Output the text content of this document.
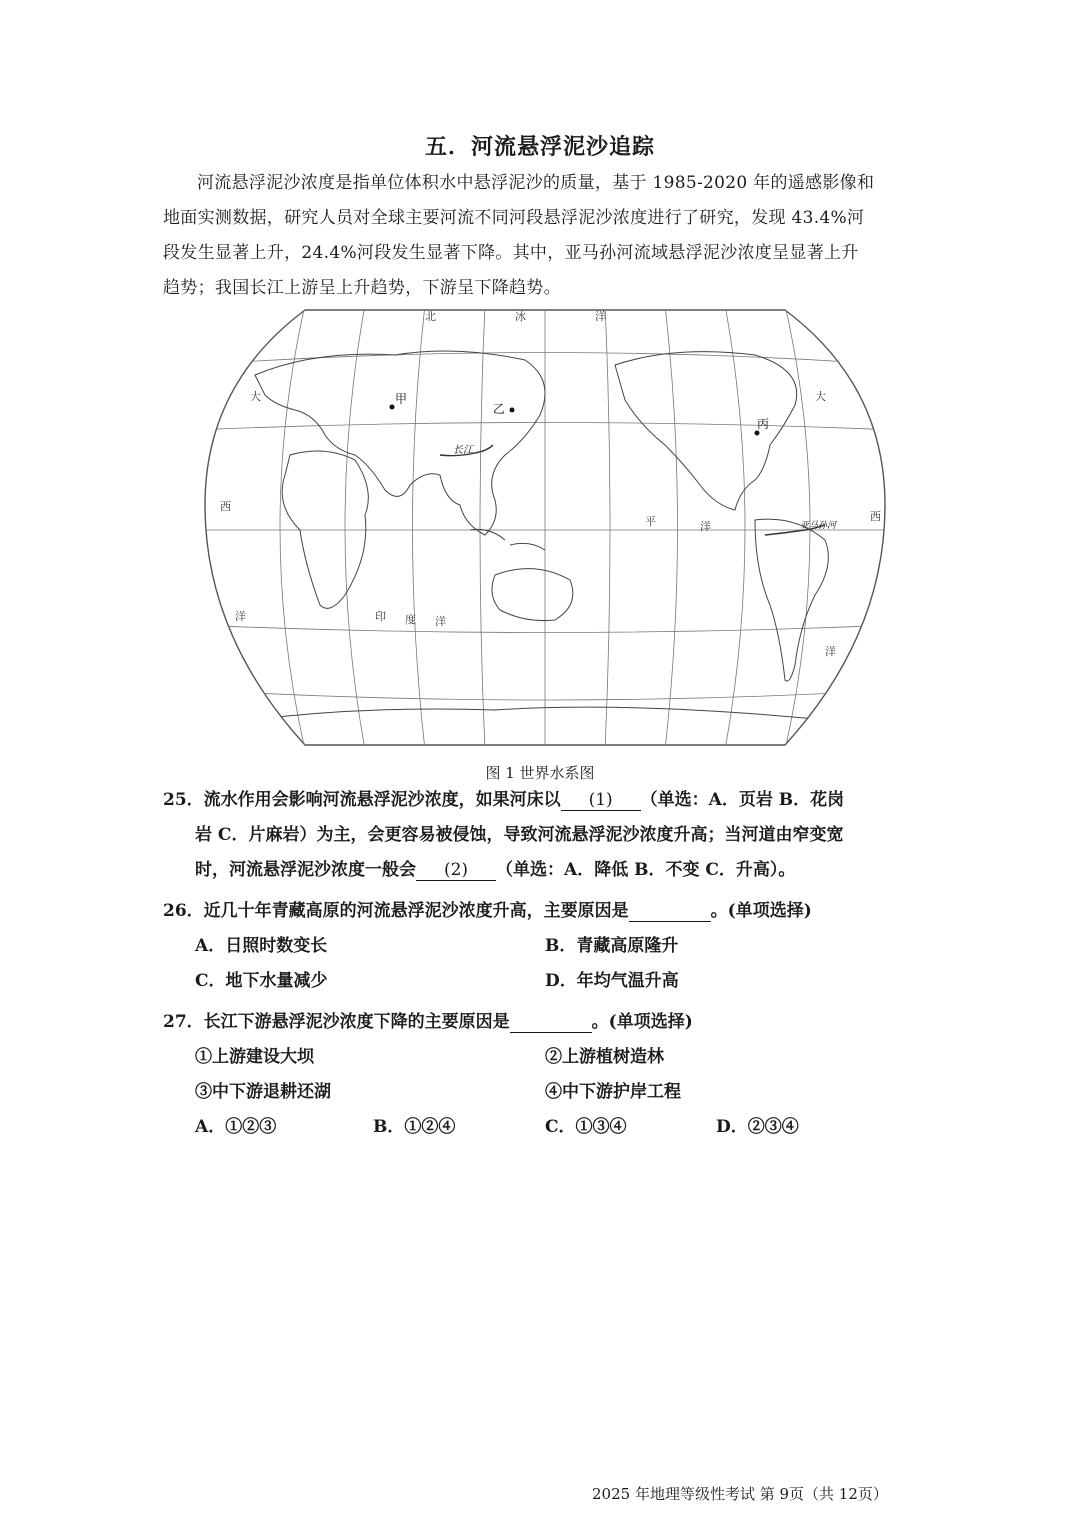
五．河流悬浮泥沙追踪
河流悬浮泥沙浓度是指单位体积水中悬浮泥沙的质量，基于 1985-2020 年的遥感影像和
地面实测数据，研究人员对全球主要河流不同河段悬浮泥沙浓度进行了研究，发现 43.4%河
段发生显著上升，24.4%河段发生显著下降。其中，亚马孙河流域悬浮泥沙浓度呈显著上升
趋势；我国长江上游呈上升趋势，下游呈下降趋势。
北	冰	洋
大
西
洋	印 度 洋
平	洋
大
西
洋
甲
乙
丙
长江
亚马孙河
图 1 世界水系图
25．流水作用会影响河流悬浮泥沙浓度，如果河床以 (1) （单选：A．页岩 B．花岗
岩 C．片麻岩）为主，会更容易被侵蚀，导致河流悬浮泥沙浓度升高；当河道由窄变宽
时，河流悬浮泥沙浓度一般会 (2) （单选：A．降低 B．不变 C．升高）。
26．近几十年青藏高原的河流悬浮泥沙浓度升高，主要原因是	。(单项选择)
A．日照时数变长	B．青藏高原隆升
C．地下水量减少	D．年均气温升高
27．长江下游悬浮泥沙浓度下降的主要原因是	。(单项选择)
①上游建设大坝	②上游植树造林
③中下游退耕还湖	④中下游护岸工程
A．①②③	B．①②④	C．①③④	D．②③④
2025 年地理等级性考试 第 9页（共 12页）
